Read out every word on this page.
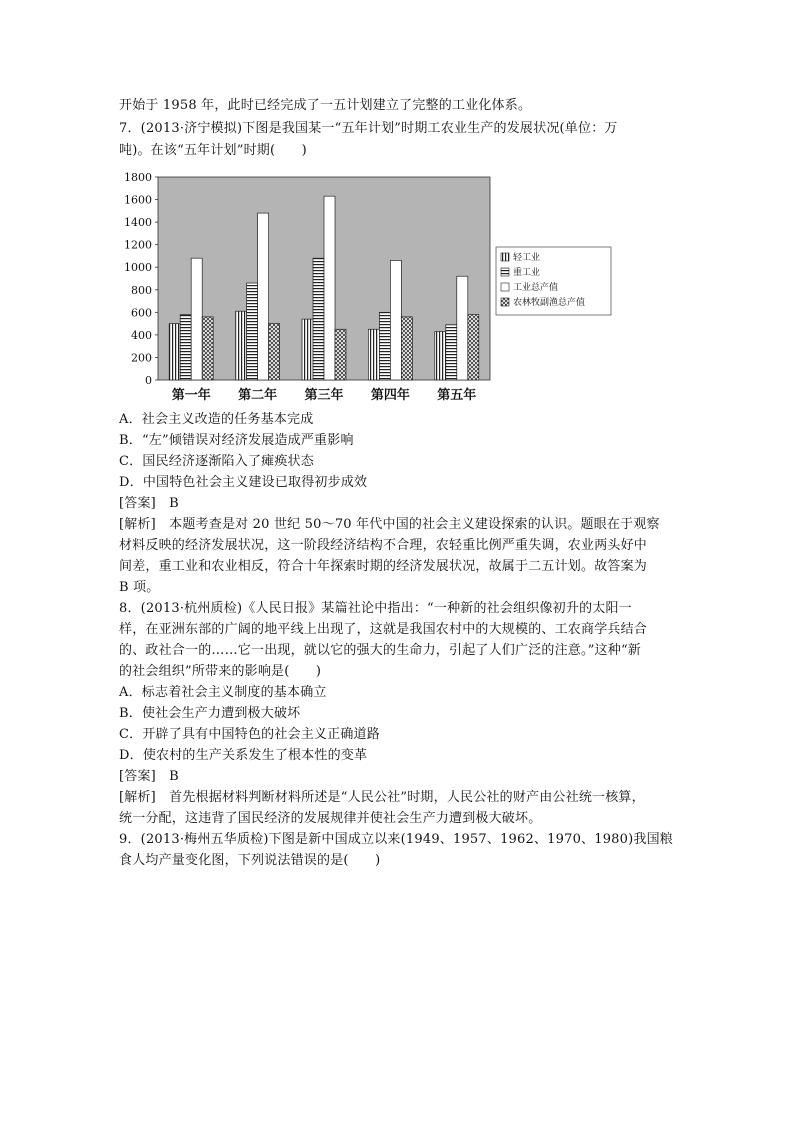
开始于 1958 年，此时已经完成了一五计划建立了完整的工业化体系。
7．(2013·济宁模拟)下图是我国某一“五年计划”时期工农业生产的发展状况(单位：万
吨)。在该“五年计划”时期(　　)
0
200
400
600
800
1000
1200
1400
1600
1800
第一年 第二年 第三年 第四年 第五年
轻工业
重工业
工业总产值
农林牧副渔总产值
A．社会主义改造的任务基本完成
B．“左”倾错误对经济发展造成严重影响
C．国民经济逐渐陷入了瘫痪状态
D．中国特色社会主义建设已取得初步成效
[答案]　B
[解析]　本题考查是对 20 世纪 50～70 年代中国的社会主义建设探索的认识。题眼在于观察
材料反映的经济发展状况，这一阶段经济结构不合理，农轻重比例严重失调，农业两头好中
间差，重工业和农业相反，符合十年探索时期的经济发展状况，故属于二五计划。故答案为
B 项。
8．(2013·杭州质检)《人民日报》某篇社论中指出：“一种新的社会组织像初升的太阳一
样，在亚洲东部的广阔的地平线上出现了，这就是我国农村中的大规模的、工农商学兵结合
的、政社合一的……它一出现，就以它的强大的生命力，引起了人们广泛的注意。”这种“新
的社会组织”所带来的影响是(　　)
A．标志着社会主义制度的基本确立
B．使社会生产力遭到极大破坏
C．开辟了具有中国特色的社会主义正确道路
D．使农村的生产关系发生了根本性的变革
[答案]　B
[解析]　首先根据材料判断材料所述是“人民公社”时期，人民公社的财产由公社统一核算，
统一分配，这违背了国民经济的发展规律并使社会生产力遭到极大破坏。
9．(2013·梅州五华质检)下图是新中国成立以来(1949、1957、1962、1970、1980)我国粮
食人均产量变化图，下列说法错误的是(　　)
